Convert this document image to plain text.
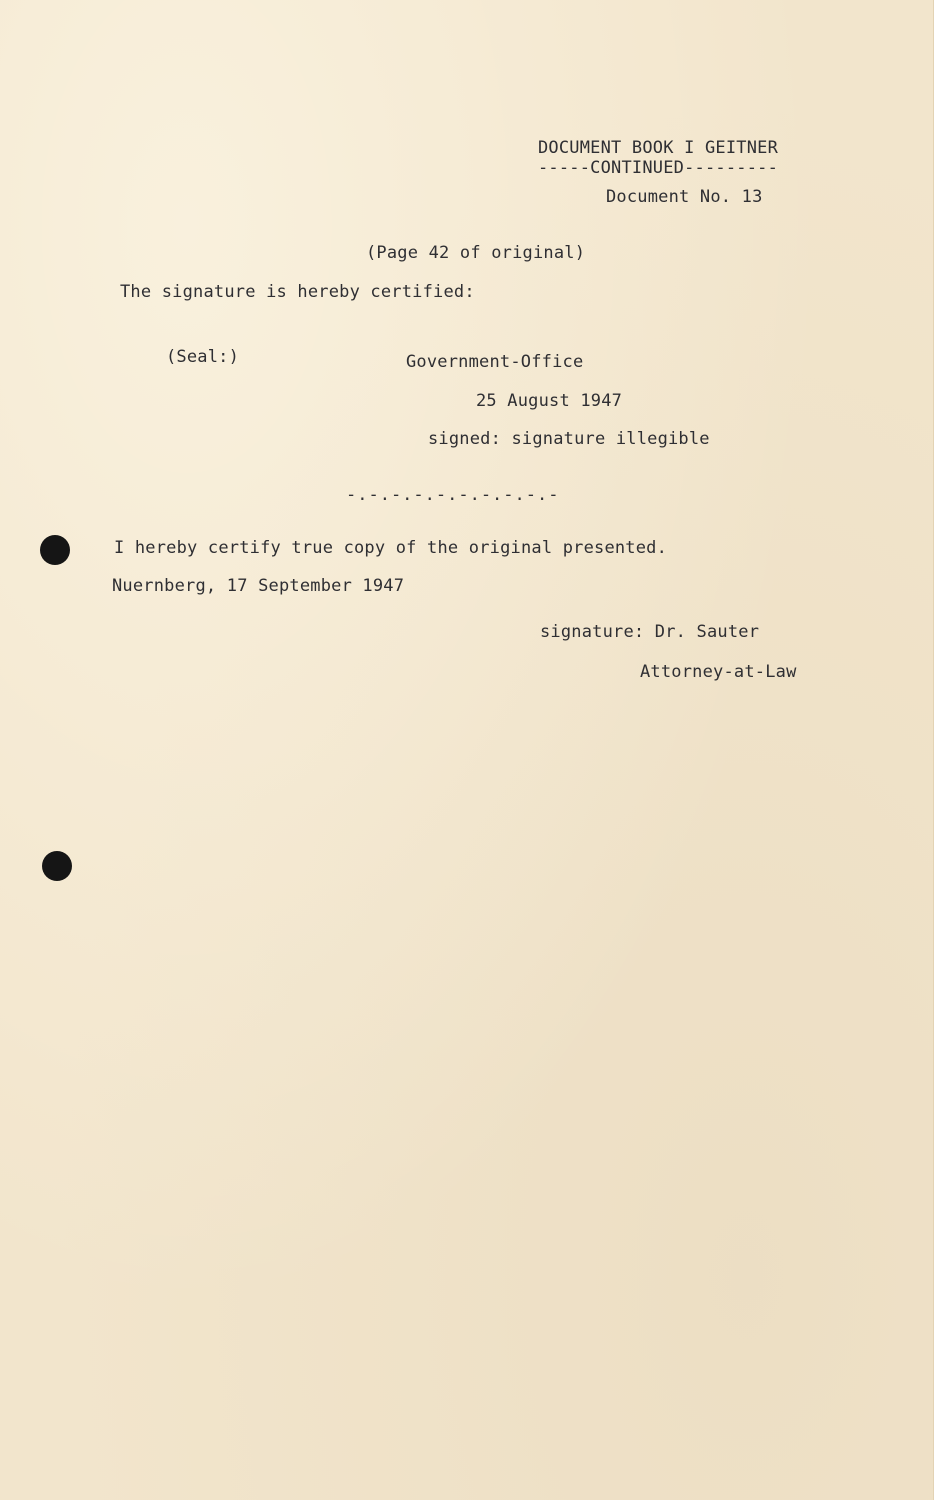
DOCUMENT BOOK I GEITNER
-----CONTINUED---------
Document No. 13
(Page 42 of original)
The signature is hereby certified:
(Seal:)	Government-Office
25 August 1947
signed: signature illegible
-.-.-.-.-.-.-.-.-.-
I hereby certify true copy of the original presented.
Nuernberg, 17 September 1947
signature: Dr. Sauter
Attorney-at-Law
